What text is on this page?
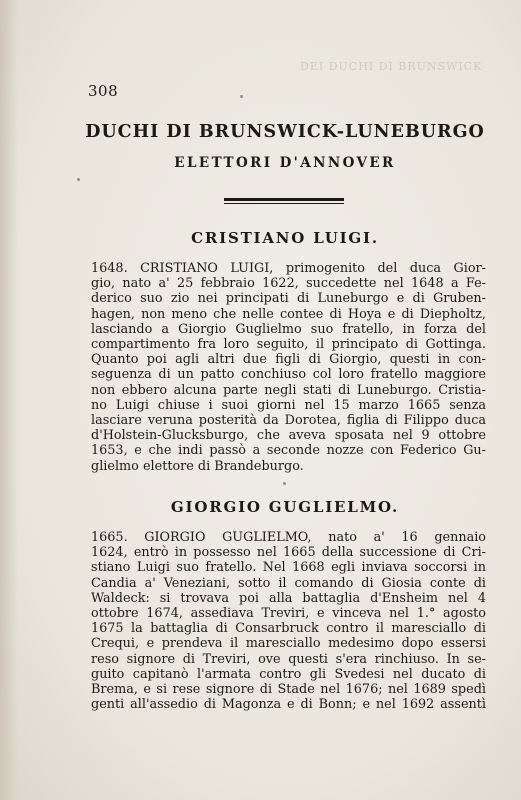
DEI DUCHI DI BRUNSWICK
308
DUCHI DI BRUNSWICK-LUNEBURGO
ELETTORI D'ANNOVER
CRISTIANO LUIGI.
1648. CRISTIANO LUIGI, primogenito del duca Gior-
gio, nato a' 25 febbraio 1622, succedette nel 1648 a Fe-
derico suo zio nei principati di Luneburgo e di Gruben-
hagen, non meno che nelle contee di Hoya e di Diepholtz,
lasciando a Giorgio Guglielmo suo fratello, in forza del
compartimento fra loro seguito, il principato di Gottinga.
Quanto poi agli altri due figli di Giorgio, questi in con-
seguenza di un patto conchiuso col loro fratello maggiore
non ebbero alcuna parte negli stati di Luneburgo. Cristia-
no Luigi chiuse i suoi giorni nel 15 marzo 1665 senza
lasciare veruna posterità da Dorotea, figlia di Filippo duca
d'Holstein-Glucksburgo, che aveva sposata nel 9 ottobre
1653, e che indi passò a seconde nozze con Federico Gu-
glielmo elettore di Brandeburgo.
GIORGIO GUGLIELMO.
1665. GIORGIO GUGLIELMO, nato a' 16 gennaio
1624, entrò in possesso nel 1665 della successione di Cri-
stiano Luigi suo fratello. Nel 1668 egli inviava soccorsi in
Candia a' Veneziani, sotto il comando di Giosia conte di
Waldeck: si trovava poi alla battaglia d'Ensheim nel 4
ottobre 1674, assediava Treviri, e vinceva nel 1.° agosto
1675 la battaglia di Consarbruck contro il maresciallo di
Crequi, e prendeva il maresciallo medesimo dopo essersi
reso signore di Treviri, ove questi s'era rinchiuso. In se-
guito capitanò l'armata contro gli Svedesi nel ducato di
Brema, e si rese signore di Stade nel 1676; nel 1689 spedì
genti all'assedio di Magonza e di Bonn; e nel 1692 assentì
